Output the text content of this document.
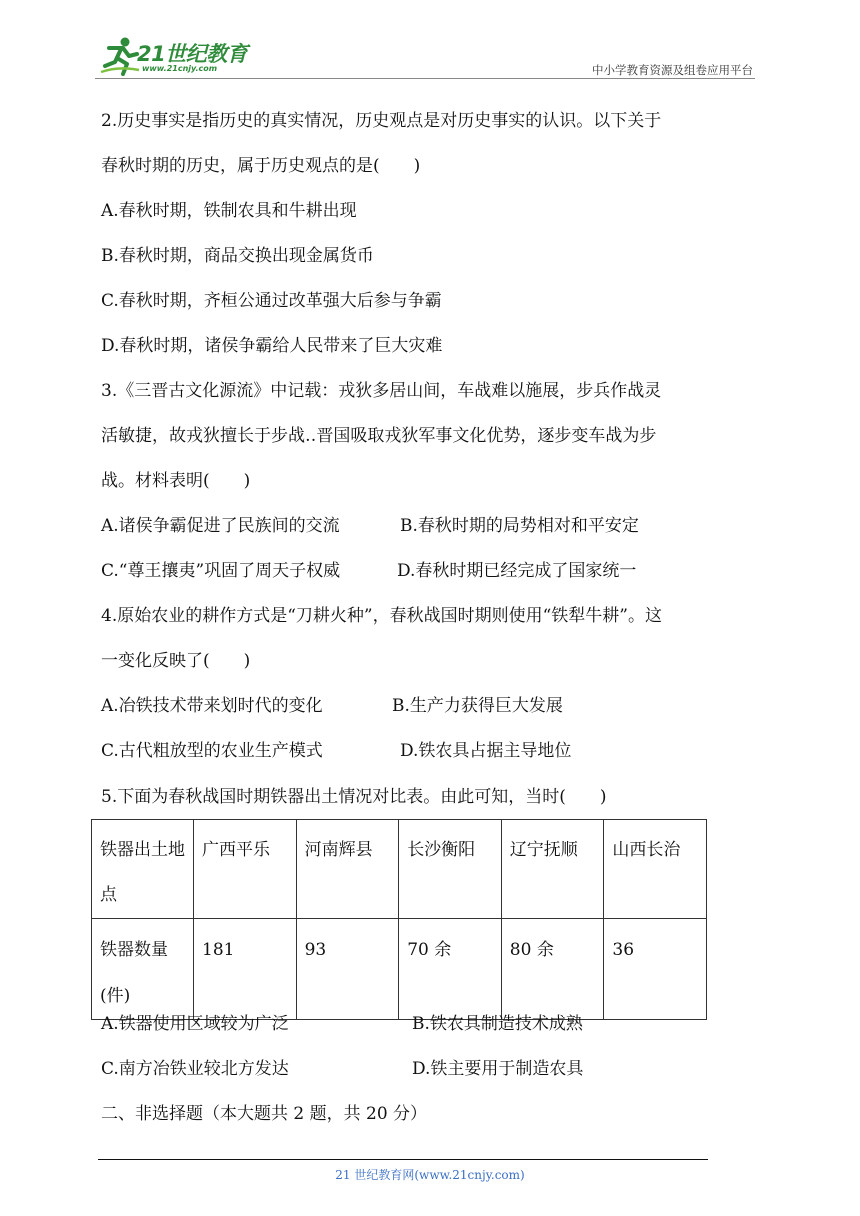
21世纪教育
www.21cnjy.com	中小学教育资源及组卷应用平台
2.历史事实是指历史的真实情况，历史观点是对历史事实的认识。以下关于
春秋时期的历史，属于历史观点的是(　　)
A.春秋时期，铁制农具和牛耕出现
B.春秋时期，商品交换出现金属货币
C.春秋时期，齐桓公通过改革强大后参与争霸
D.春秋时期，诸侯争霸给人民带来了巨大灾难
3.《三晋古文化源流》中记载：戎狄多居山间，车战难以施展，步兵作战灵
活敏捷，故戎狄擅长于步战‥晋国吸取戎狄军事文化优势，逐步变车战为步
战。材料表明(　　)
A.诸侯争霸促进了民族间的交流	B.春秋时期的局势相对和平安定
C.“尊王攘夷”巩固了周天子权威	D.春秋时期已经完成了国家统一
4.原始农业的耕作方式是“刀耕火种”，春秋战国时期则使用“铁犁牛耕”。这
一变化反映了(　　)
A.冶铁技术带来划时代的变化	B.生产力获得巨大发展
C.古代粗放型的农业生产模式	D.铁农具占据主导地位
5.下面为春秋战国时期铁器出土情况对比表。由此可知，当时(　　)
铁器出土地点	广西平乐	河南辉县	长沙衡阳	辽宁抚顺	山西长治
铁器数量(件)	181	93	70 余	80 余	36
A.铁器使用区域较为广泛	B.铁农具制造技术成熟
C.南方冶铁业较北方发达	D.铁主要用于制造农具
二、非选择题（本大题共 2 题，共 20 分）
21 世纪教育网(www.21cnjy.com)
